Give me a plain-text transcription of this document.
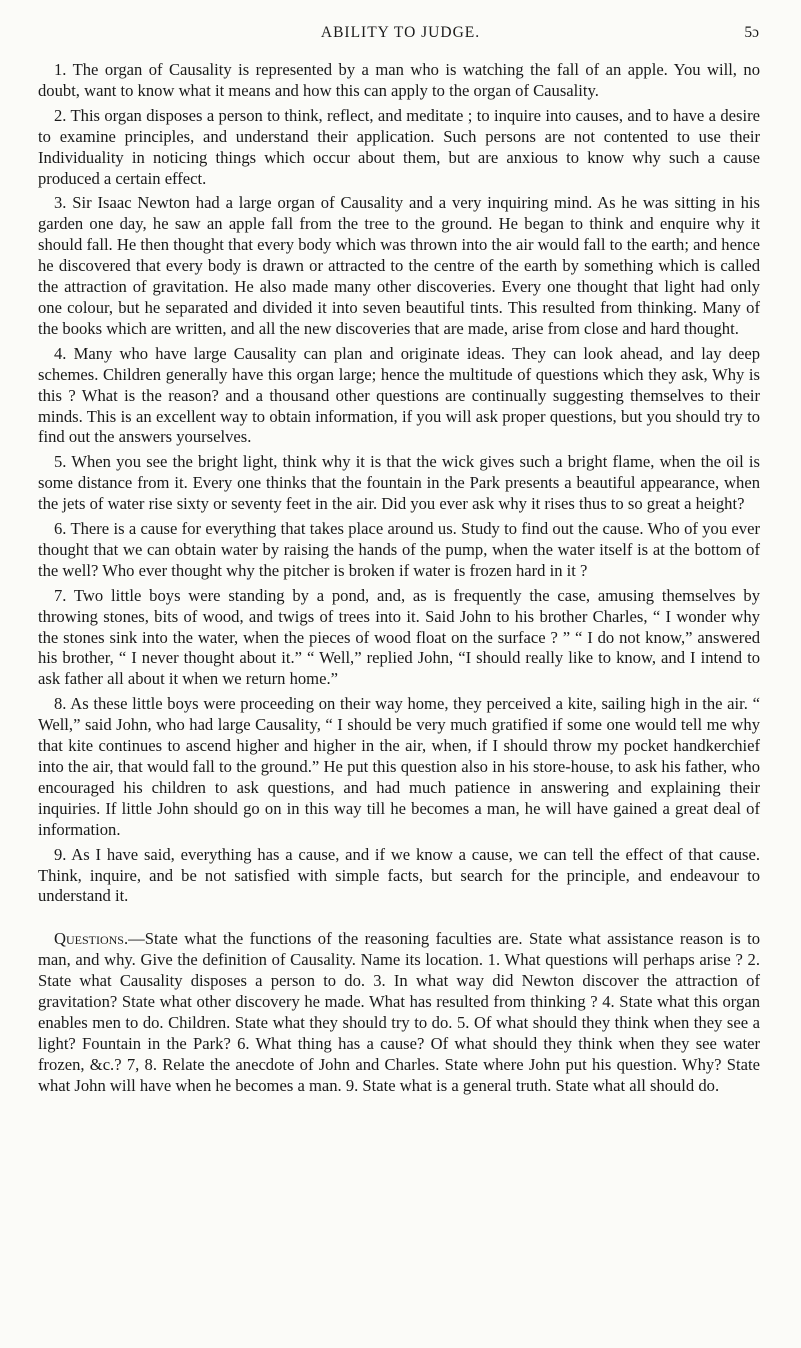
ABILITY TO JUDGE.	5ɔ

1. The organ of Causality is represented by a man who is watching the fall of an apple. You will, no doubt, want to know what it means and how this can apply to the organ of Causality.

2. This organ disposes a person to think, reflect, and meditate ; to inquire into causes, and to have a desire to examine principles, and understand their application. Such persons are not contented to use their Individuality in noticing things which occur about them, but are anxious to know why such a cause produced a certain effect.

3. Sir Isaac Newton had a large organ of Causality and a very inquiring mind. As he was sitting in his garden one day, he saw an apple fall from the tree to the ground. He began to think and enquire why it should fall. He then thought that every body which was thrown into the air would fall to the earth; and hence he discovered that every body is drawn or attracted to the centre of the earth by something which is called the attraction of gravitation. He also made many other discoveries. Every one thought that light had only one colour, but he separated and divided it into seven beautiful tints. This resulted from thinking. Many of the books which are written, and all the new discoveries that are made, arise from close and hard thought.

4. Many who have large Causality can plan and originate ideas. They can look ahead, and lay deep schemes. Children generally have this organ large; hence the multitude of questions which they ask, Why is this ? What is the reason? and a thousand other questions are continually suggesting themselves to their minds. This is an excellent way to obtain information, if you will ask proper questions, but you should try to find out the answers yourselves.

5. When you see the bright light, think why it is that the wick gives such a bright flame, when the oil is some distance from it. Every one thinks that the fountain in the Park presents a beautiful appearance, when the jets of water rise sixty or seventy feet in the air. Did you ever ask why it rises thus to so great a height?

6. There is a cause for everything that takes place around us. Study to find out the cause. Who of you ever thought that we can obtain water by raising the hands of the pump, when the water itself is at the bottom of the well? Who ever thought why the pitcher is broken if water is frozen hard in it ?

7. Two little boys were standing by a pond, and, as is frequently the case, amusing themselves by throwing stones, bits of wood, and twigs of trees into it. Said John to his brother Charles, “ I wonder why the stones sink into the water, when the pieces of wood float on the surface ? ” “ I do not know,” answered his brother, “ I never thought about it.” “ Well,” replied John, “I should really like to know, and I intend to ask father all about it when we return home.”

8. As these little boys were proceeding on their way home, they perceived a kite, sailing high in the air. “ Well,” said John, who had large Causality, “ I should be very much gratified if some one would tell me why that kite continues to ascend higher and higher in the air, when, if I should throw my pocket handkerchief into the air, that would fall to the ground.” He put this question also in his store-house, to ask his father, who encouraged his children to ask questions, and had much patience in answering and explaining their inquiries. If little John should go on in this way till he becomes a man, he will have gained a great deal of information.

9. As I have said, everything has a cause, and if we know a cause, we can tell the effect of that cause. Think, inquire, and be not satisfied with simple facts, but search for the principle, and endeavour to understand it.

Questions.—State what the functions of the reasoning faculties are. State what assistance reason is to man, and why. Give the definition of Causality. Name its location. 1. What questions will perhaps arise ? 2. State what Causality disposes a person to do. 3. In what way did Newton discover the attraction of gravitation? State what other discovery he made. What has resulted from thinking ? 4. State what this organ enables men to do. Children. State what they should try to do. 5. Of what should they think when they see a light? Fountain in the Park? 6. What thing has a cause? Of what should they think when they see water frozen, &c.? 7, 8. Relate the anecdote of John and Charles. State where John put his question. Why? State what John will have when he becomes a man. 9. State what is a general truth. State what all should do.
